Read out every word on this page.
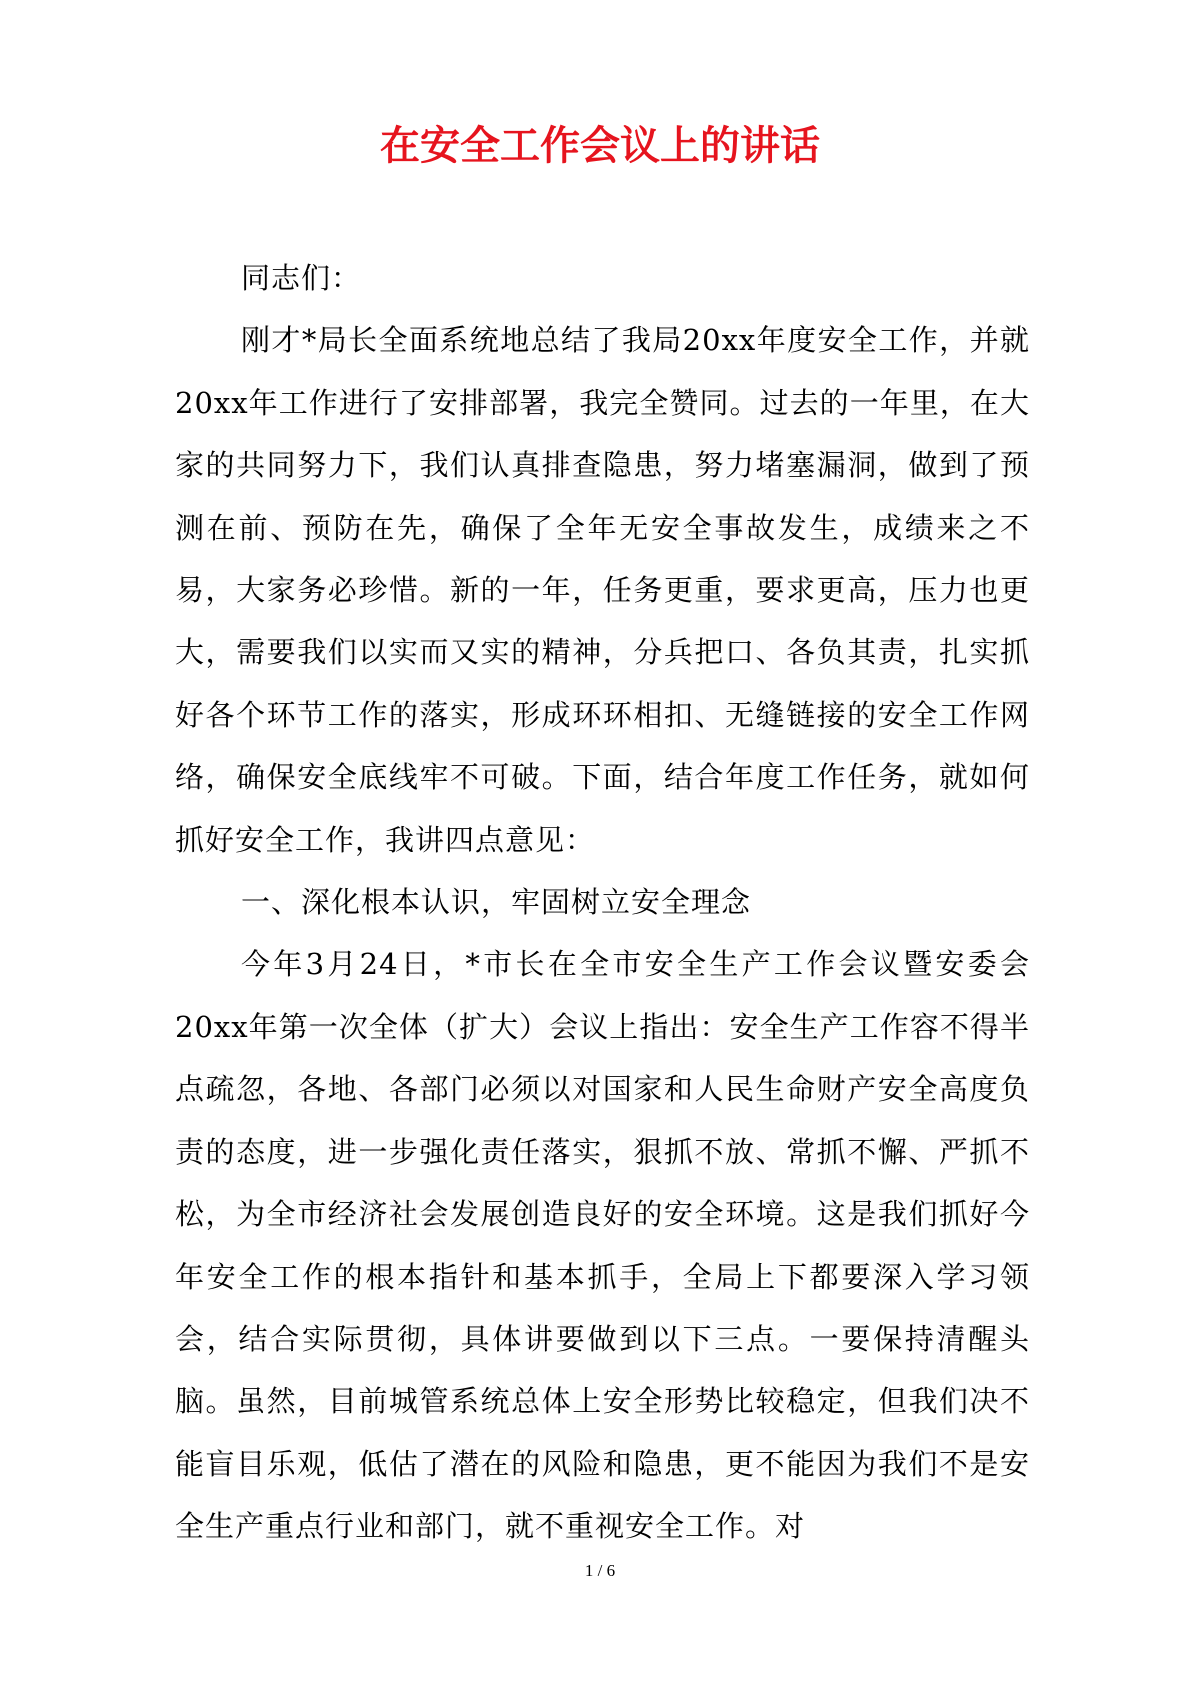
在安全工作会议上的讲话

同志们：

刚才*局长全面系统地总结了我局20xx年度安全工作，并就20xx年工作进行了安排部署，我完全赞同。过去的一年里，在大家的共同努力下，我们认真排查隐患，努力堵塞漏洞，做到了预测在前、预防在先，确保了全年无安全事故发生，成绩来之不易，大家务必珍惜。新的一年，任务更重，要求更高，压力也更大，需要我们以实而又实的精神，分兵把口、各负其责，扎实抓好各个环节工作的落实，形成环环相扣、无缝链接的安全工作网络，确保安全底线牢不可破。下面，结合年度工作任务，就如何抓好安全工作，我讲四点意见：

一、深化根本认识，牢固树立安全理念

今年3月24日，*市长在全市安全生产工作会议暨安委会20xx年第一次全体（扩大）会议上指出：安全生产工作容不得半点疏忽，各地、各部门必须以对国家和人民生命财产安全高度负责的态度，进一步强化责任落实，狠抓不放、常抓不懈、严抓不松，为全市经济社会发展创造良好的安全环境。这是我们抓好今年安全工作的根本指针和基本抓手，全局上下都要深入学习领会，结合实际贯彻，具体讲要做到以下三点。一要保持清醒头脑。虽然，目前城管系统总体上安全形势比较稳定，但我们决不能盲目乐观，低估了潜在的风险和隐患，更不能因为我们不是安全生产重点行业和部门，就不重视安全工作。对

1 / 6
